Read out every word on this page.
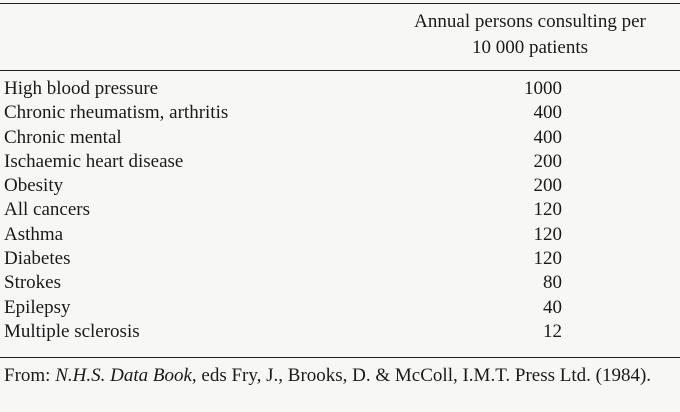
Annual persons consulting per
10 000 patients
High blood pressure	1000
Chronic rheumatism, arthritis	400
Chronic mental	400
Ischaemic heart disease	200
Obesity	200
All cancers	120
Asthma	120
Diabetes	120
Strokes	80
Epilepsy	40
Multiple sclerosis	12
From: N.H.S. Data Book, eds Fry, J., Brooks, D. & McColl, I.M.T. Press Ltd. (1984).
